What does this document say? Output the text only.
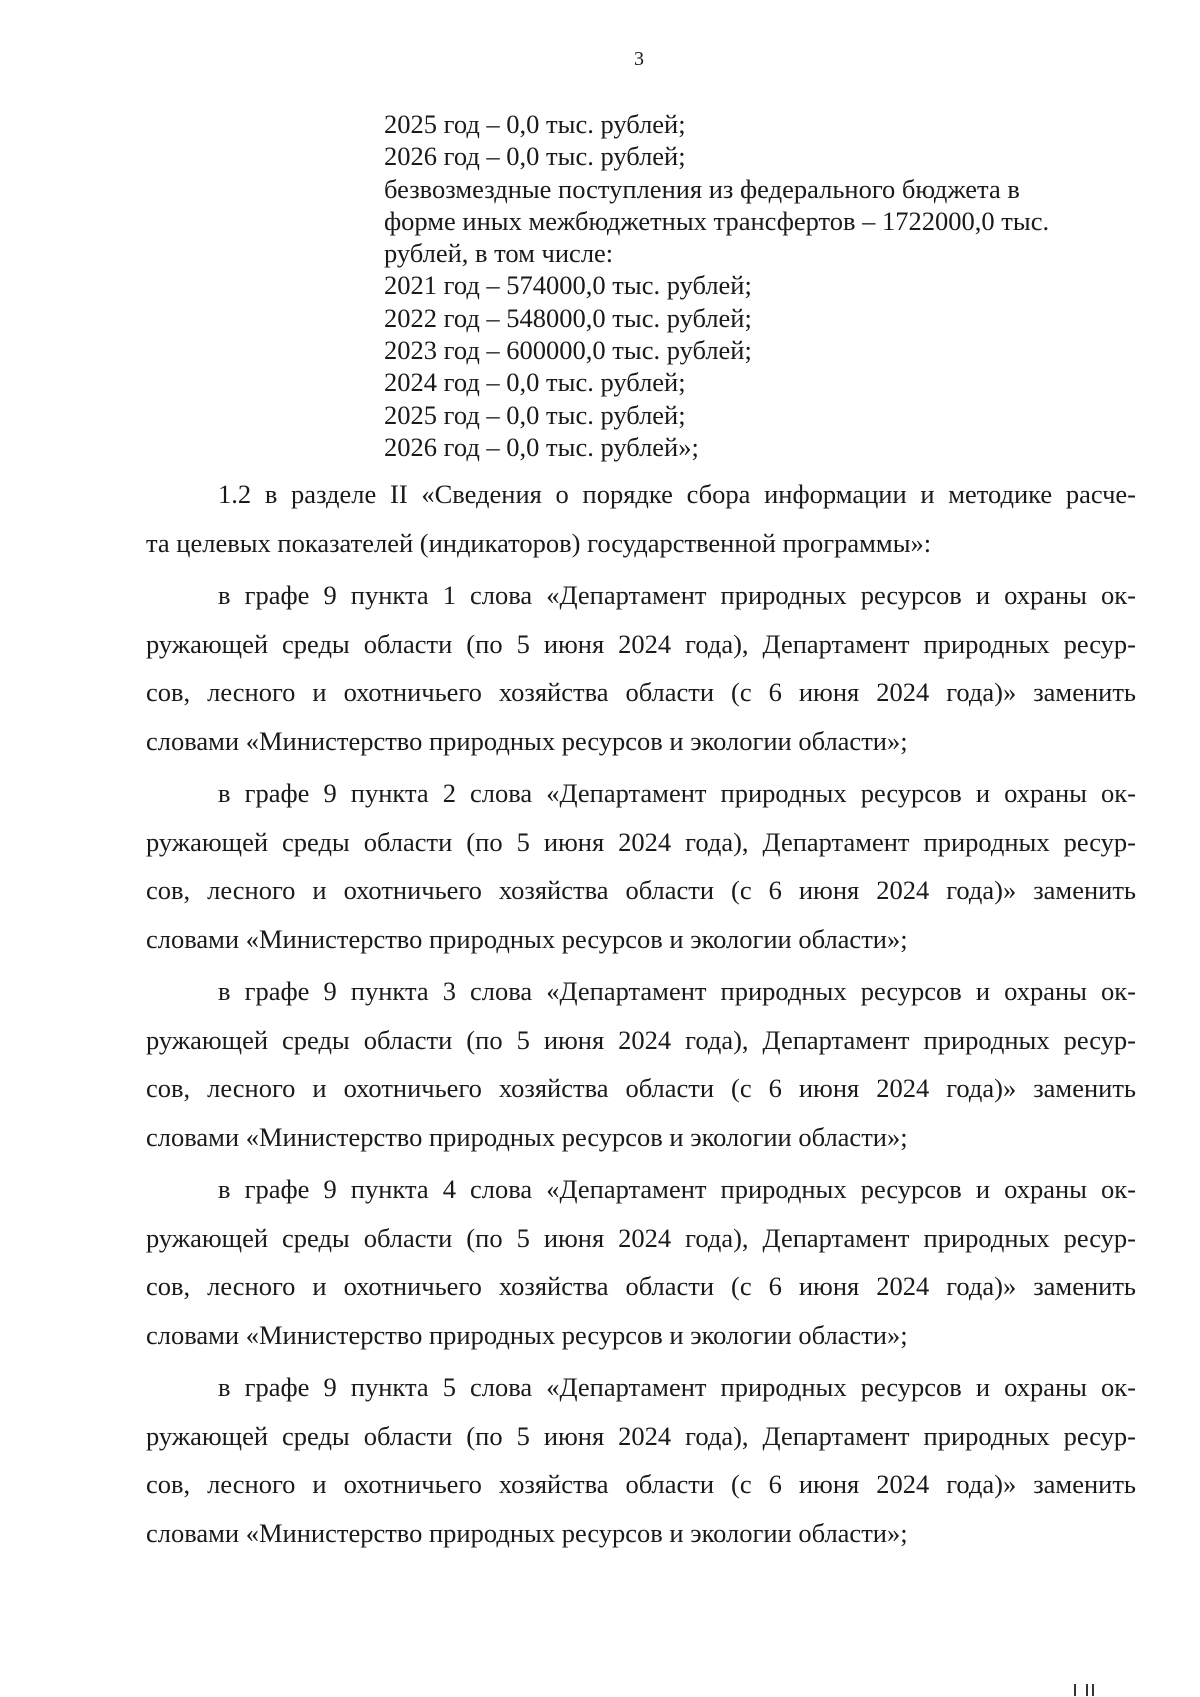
3
2025 год – 0,0 тыс. рублей;
2026 год – 0,0 тыс. рублей;
безвозмездные поступления из федерального бюджета в
форме иных межбюджетных трансфертов – 1722000,0 тыс.
рублей, в том числе:
2021 год – 574000,0 тыс. рублей;
2022 год – 548000,0 тыс. рублей;
2023 год – 600000,0 тыс. рублей;
2024 год – 0,0 тыс. рублей;
2025 год – 0,0 тыс. рублей;
2026 год – 0,0 тыс. рублей»;
1.2 в разделе II «Сведения о порядке сбора информации и методике расче-
та целевых показателей (индикаторов) государственной программы»:
в графе 9 пункта 1 слова «Департамент природных ресурсов и охраны ок-
ружающей среды области (по 5 июня 2024 года), Департамент природных ресур-
сов, лесного и охотничьего хозяйства области (с 6 июня 2024 года)» заменить
словами «Министерство природных ресурсов и экологии области»;
в графе 9 пункта 2 слова «Департамент природных ресурсов и охраны ок-
ружающей среды области (по 5 июня 2024 года), Департамент природных ресур-
сов, лесного и охотничьего хозяйства области (с 6 июня 2024 года)» заменить
словами «Министерство природных ресурсов и экологии области»;
в графе 9 пункта 3 слова «Департамент природных ресурсов и охраны ок-
ружающей среды области (по 5 июня 2024 года), Департамент природных ресур-
сов, лесного и охотничьего хозяйства области (с 6 июня 2024 года)» заменить
словами «Министерство природных ресурсов и экологии области»;
в графе 9 пункта 4 слова «Департамент природных ресурсов и охраны ок-
ружающей среды области (по 5 июня 2024 года), Департамент природных ресур-
сов, лесного и охотничьего хозяйства области (с 6 июня 2024 года)» заменить
словами «Министерство природных ресурсов и экологии области»;
в графе 9 пункта 5 слова «Департамент природных ресурсов и охраны ок-
ружающей среды области (по 5 июня 2024 года), Департамент природных ресур-
сов, лесного и охотничьего хозяйства области (с 6 июня 2024 года)» заменить
словами «Министерство природных ресурсов и экологии области»;
